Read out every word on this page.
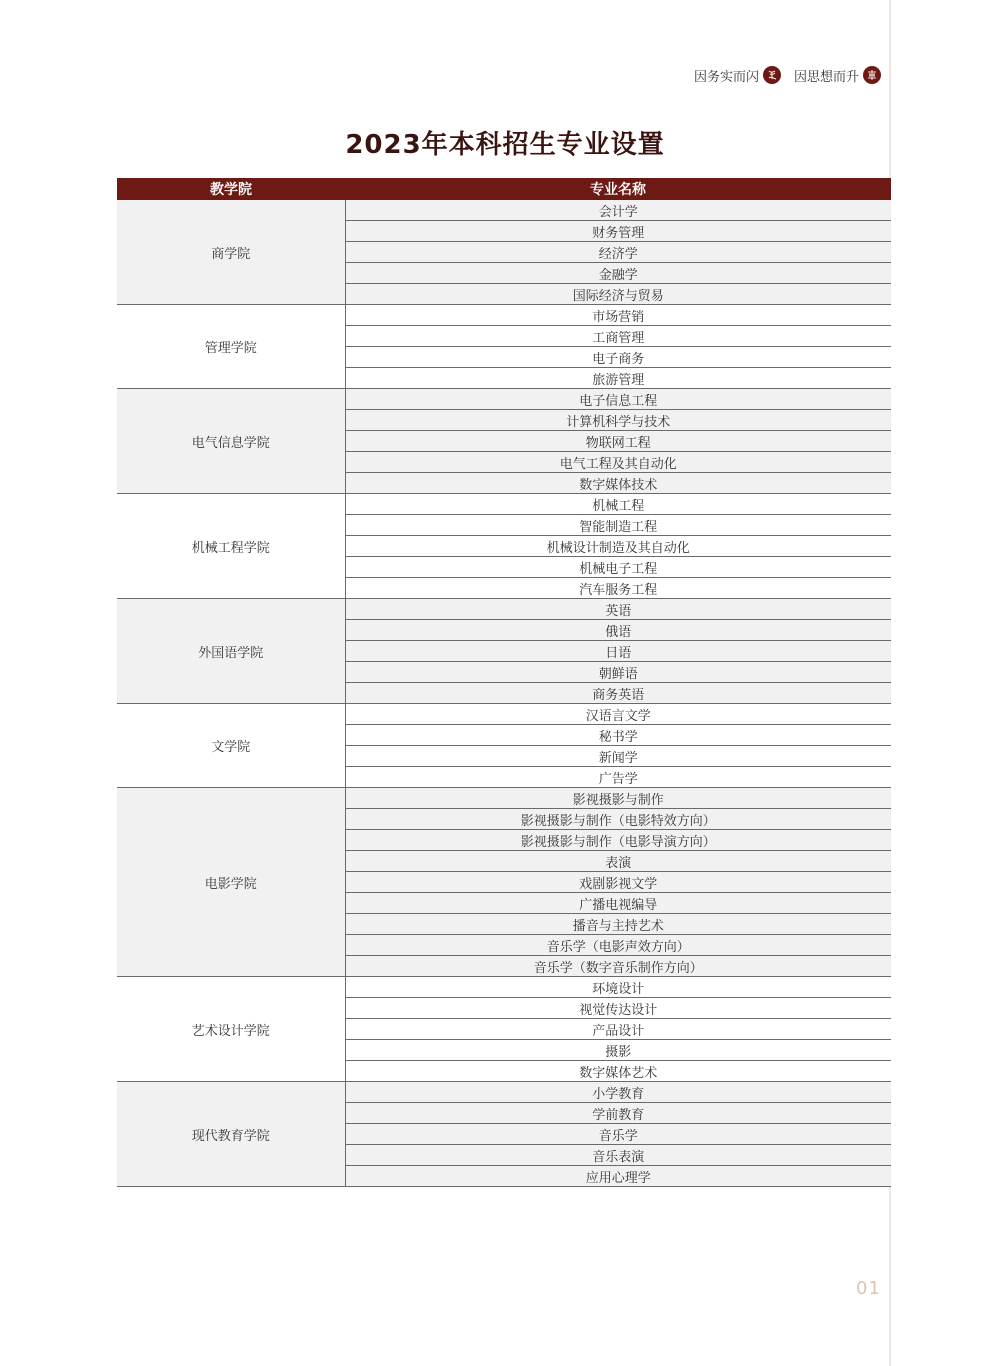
因务实而闪	因思想而升
2023年本科招生专业设置
教学院	专业名称
商学院	会计学
	财务管理
	经济学
	金融学
	国际经济与贸易
管理学院	市场营销
	工商管理
	电子商务
	旅游管理
电气信息学院	电子信息工程
	计算机科学与技术
	物联网工程
	电气工程及其自动化
	数字媒体技术
机械工程学院	机械工程
	智能制造工程
	机械设计制造及其自动化
	机械电子工程
	汽车服务工程
外国语学院	英语
	俄语
	日语
	朝鲜语
	商务英语
文学院	汉语言文学
	秘书学
	新闻学
	广告学
电影学院	影视摄影与制作
	影视摄影与制作（电影特效方向）
	影视摄影与制作（电影导演方向）
	表演
	戏剧影视文学
	广播电视编导
	播音与主持艺术
	音乐学（电影声效方向）
	音乐学（数字音乐制作方向）
艺术设计学院	环境设计
	视觉传达设计
	产品设计
	摄影
	数字媒体艺术
现代教育学院	小学教育
	学前教育
	音乐学
	音乐表演
	应用心理学
01
